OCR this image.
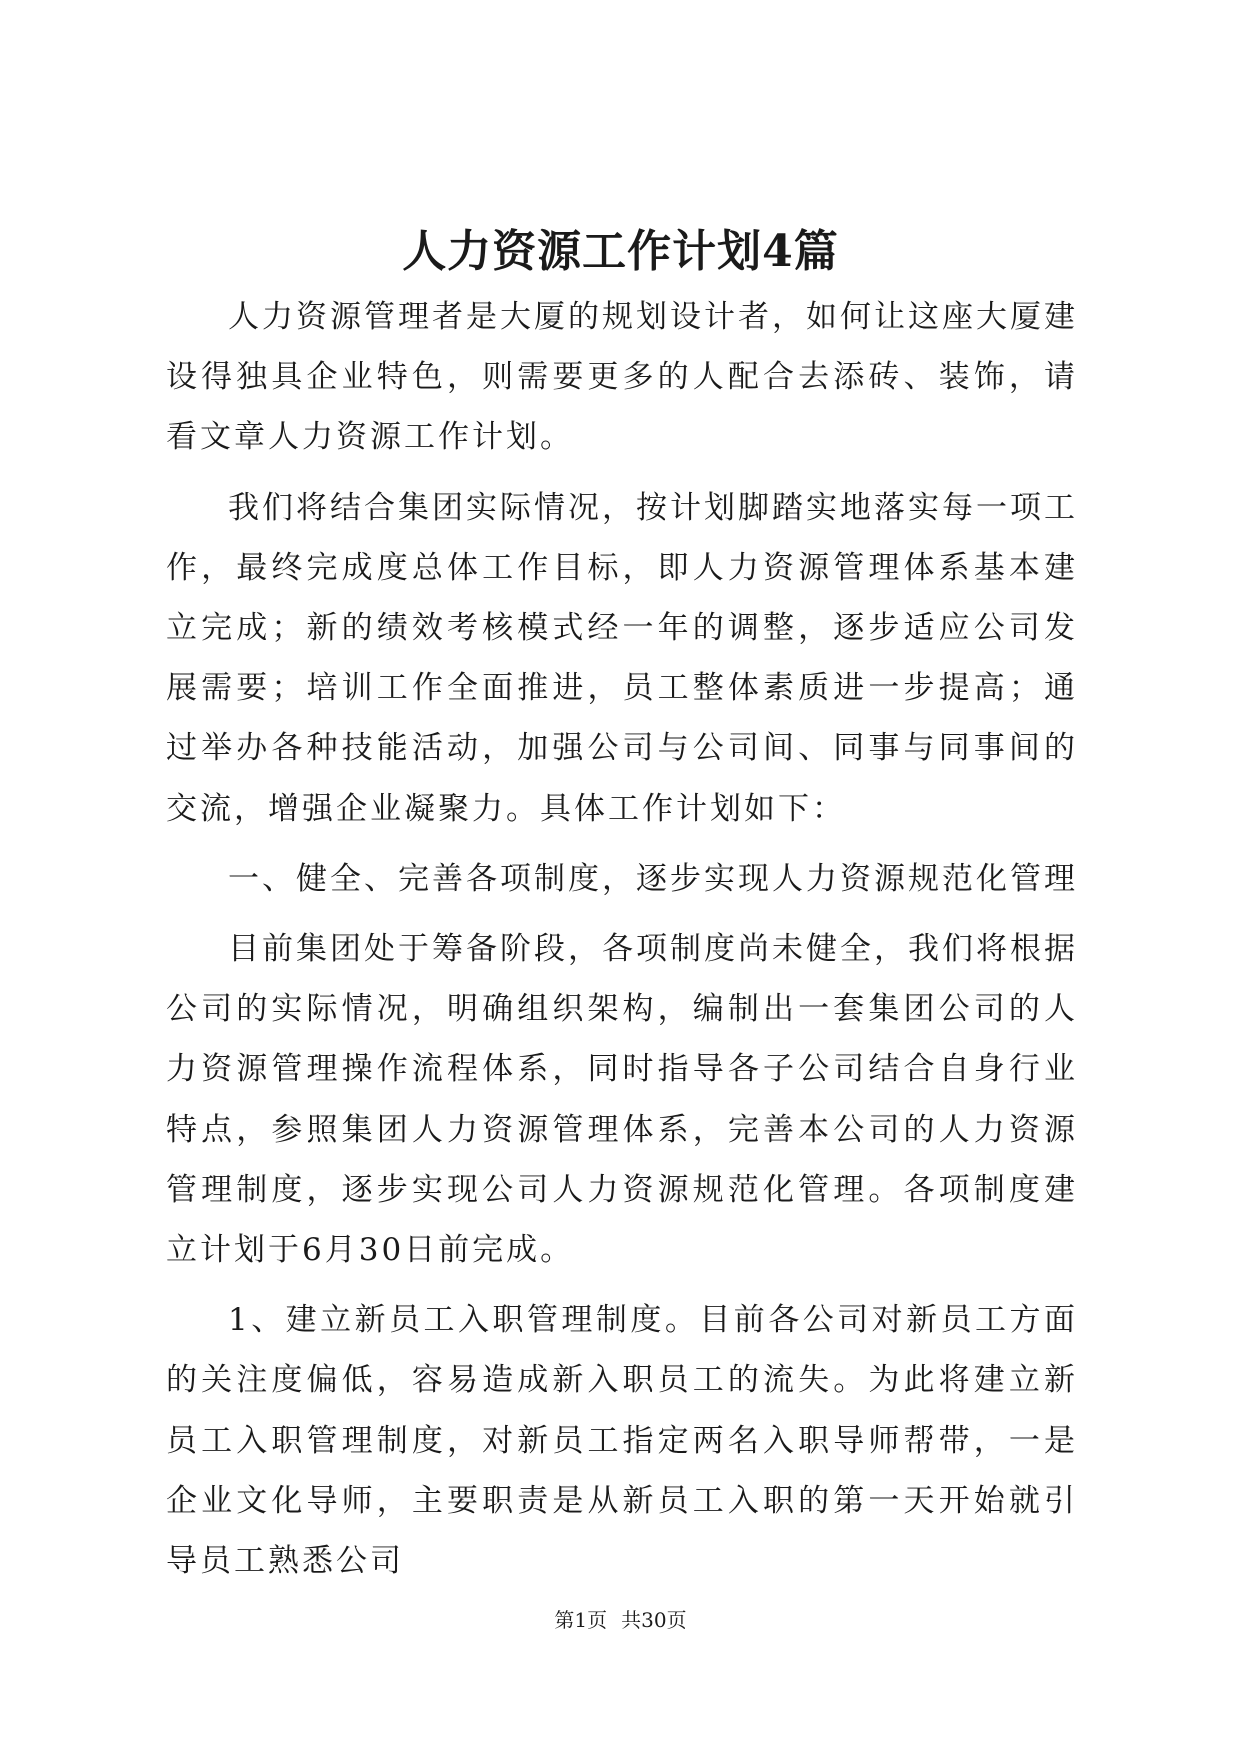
人力资源工作计划4篇

人力资源管理者是大厦的规划设计者，如何让这座大厦建设得独具企业特色，则需要更多的人配合去添砖、装饰，请看文章人力资源工作计划。

我们将结合集团实际情况，按计划脚踏实地落实每一项工作，最终完成度总体工作目标，即人力资源管理体系基本建立完成；新的绩效考核模式经一年的调整，逐步适应公司发展需要；培训工作全面推进，员工整体素质进一步提高；通过举办各种技能活动，加强公司与公司间、同事与同事间的交流，增强企业凝聚力。具体工作计划如下：

一、健全、完善各项制度，逐步实现人力资源规范化管理

目前集团处于筹备阶段，各项制度尚未健全，我们将根据公司的实际情况，明确组织架构，编制出一套集团公司的人力资源管理操作流程体系，同时指导各子公司结合自身行业特点，参照集团人力资源管理体系，完善本公司的人力资源管理制度，逐步实现公司人力资源规范化管理。各项制度建立计划于6月30日前完成。

1、建立新员工入职管理制度。目前各公司对新员工方面的关注度偏低，容易造成新入职员工的流失。为此将建立新员工入职管理制度，对新员工指定两名入职导师帮带，一是企业文化导师，主要职责是从新员工入职的第一天开始就引导员工熟悉公司

第1页 共30页
